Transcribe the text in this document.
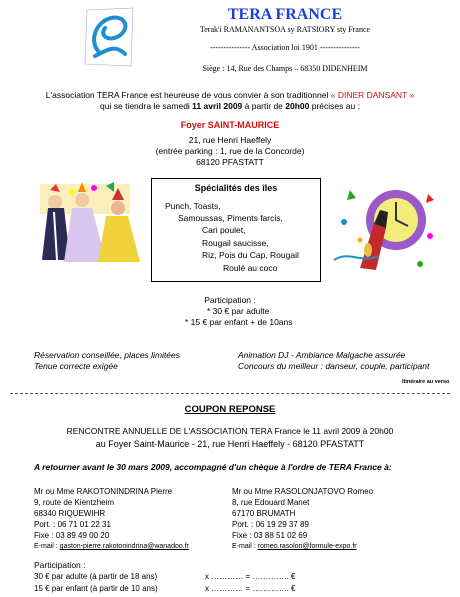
TERA FRANCE
Terak'i RAMANANTSOA sy RATSIORY sty France
--------------- Association loi 1901 ---------------
Siège : 14, Rue des Champs – 68350 DIDENHEIM
L'association TERA France est heureuse de vous convier à son traditionnel « DINER DANSANT »
qui se tiendra le samedi 11 avril 2009 à partir de 20h00 précises au :
Foyer SAINT-MAURICE
21, rue Henri Haeffely
(entrée parking : 1, rue de la Concorde)
68120 PFASTATT
Spécialités des îles
Punch, Toasts,
Samoussas, Piments farcis,
Cari poulet,
Rougail saucisse,
Riz, Pois du Cap, Rougail
Roulé au coco
Participation :
* 30 € par adulte
* 15 € par enfant + de 10ans
Réservation conseillée, places limitées
Tenue correcte exigée
Animation DJ - Ambiance Malgache assurée
Concours du meilleur : danseur, couple, participant
Itinéraire au verso
COUPON REPONSE
RENCONTRE ANNUELLE DE L'ASSOCIATION TERA France le 11 avril 2009 à 20h00
au Foyer Saint-Maurice - 21, rue Henri Haeffely - 68120 PFASTATT
A retourner avant le 30 mars 2009, accompagné d'un chèque à l'ordre de TERA France à:
Mr ou Mme RAKOTONINDRINA Pierre
9, route de Kientzheim
68340 RIQUEWIHR
Port. : 06 71 01 22 31
Fixe : 03 89 49 00 20
E-mail : gaston-pierre.rakotonindrina@wanadoo.fr
Mr ou Mme RASOLONJATOVO Romeo
8, rue Edouard Manet
67170 BRUMATH
Port. : 06 19 29 37 89
Fixe : 03 88 51 02 69
E-mail : romeo.rasolon@formule-expo.fr
Participation :
30 € par adulte (à partir de 18 ans)	x ………… = ………….. €
15 € par enfant (à partir de 10 ans)	x ………… = ………….. €
